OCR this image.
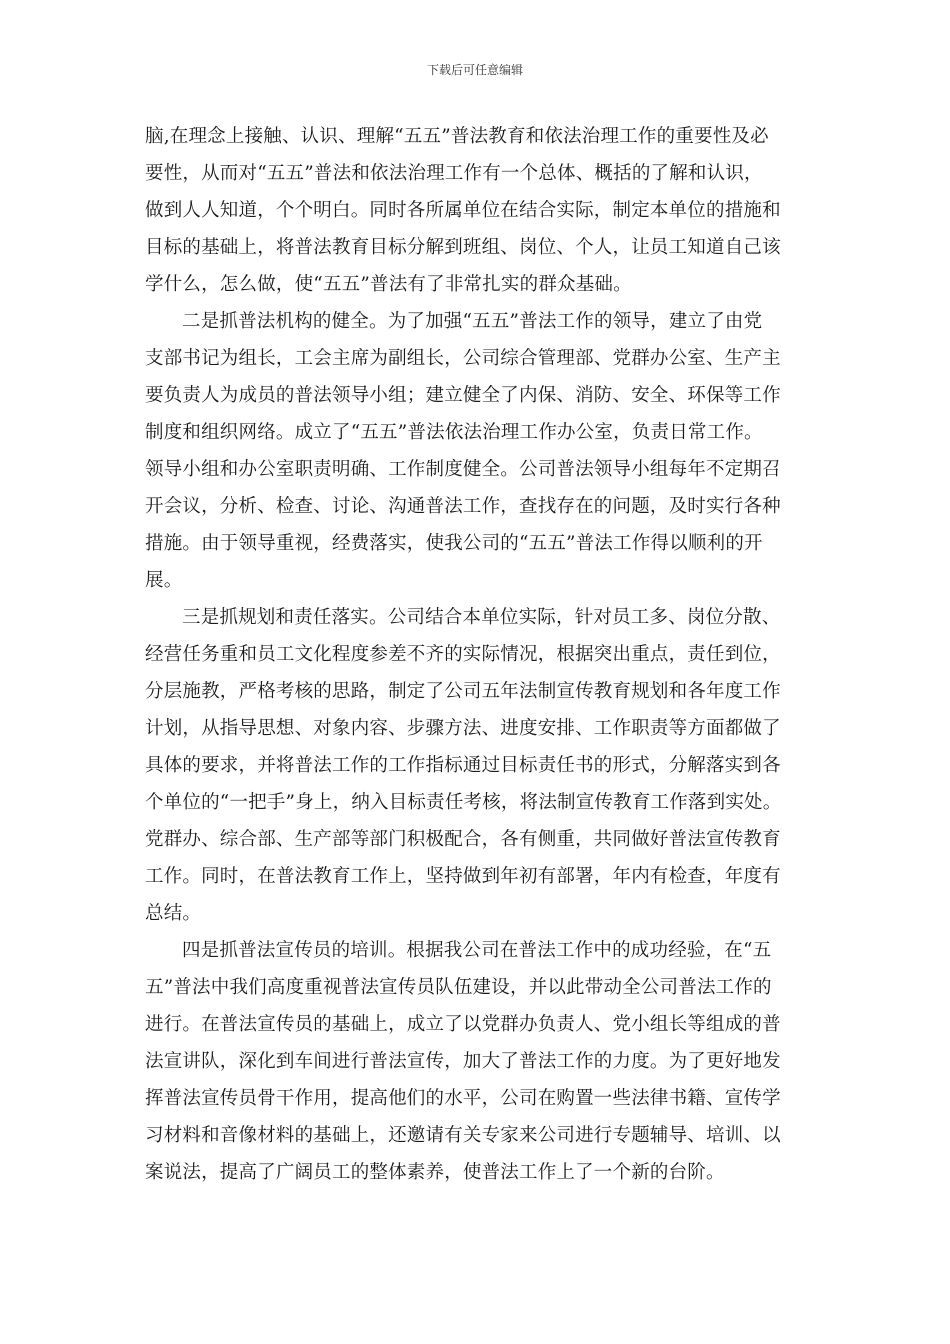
下载后可任意编辑
脑,在理念上接触、认识、理解“五五”普法教育和依法治理工作的重要性及必
要性，从而对“五五”普法和依法治理工作有一个总体、概括的了解和认识，
做到人人知道，个个明白。同时各所属单位在结合实际，制定本单位的措施和
目标的基础上，将普法教育目标分解到班组、岗位、个人，让员工知道自己该
学什么，怎么做，使“五五”普法有了非常扎实的群众基础。
二是抓普法机构的健全。为了加强“五五”普法工作的领导，建立了由党
支部书记为组长，工会主席为副组长，公司综合管理部、党群办公室、生产主
要负责人为成员的普法领导小组；建立健全了内保、消防、安全、环保等工作
制度和组织网络。成立了“五五”普法依法治理工作办公室，负责日常工作。
领导小组和办公室职责明确、工作制度健全。公司普法领导小组每年不定期召
开会议，分析、检查、讨论、沟通普法工作，查找存在的问题，及时实行各种
措施。由于领导重视，经费落实，使我公司的“五五”普法工作得以顺利的开
展。
三是抓规划和责任落实。公司结合本单位实际，针对员工多、岗位分散、
经营任务重和员工文化程度参差不齐的实际情况，根据突出重点，责任到位，
分层施教，严格考核的思路，制定了公司五年法制宣传教育规划和各年度工作
计划，从指导思想、对象内容、步骤方法、进度安排、工作职责等方面都做了
具体的要求，并将普法工作的工作指标通过目标责任书的形式，分解落实到各
个单位的“一把手”身上，纳入目标责任考核，将法制宣传教育工作落到实处。
党群办、综合部、生产部等部门积极配合，各有侧重，共同做好普法宣传教育
工作。同时，在普法教育工作上，坚持做到年初有部署，年内有检查，年度有
总结。
四是抓普法宣传员的培训。根据我公司在普法工作中的成功经验，在“五
五”普法中我们高度重视普法宣传员队伍建设，并以此带动全公司普法工作的
进行。在普法宣传员的基础上，成立了以党群办负责人、党小组长等组成的普
法宣讲队，深化到车间进行普法宣传，加大了普法工作的力度。为了更好地发
挥普法宣传员骨干作用，提高他们的水平，公司在购置一些法律书籍、宣传学
习材料和音像材料的基础上，还邀请有关专家来公司进行专题辅导、培训、以
案说法，提高了广阔员工的整体素养，使普法工作上了一个新的台阶。
